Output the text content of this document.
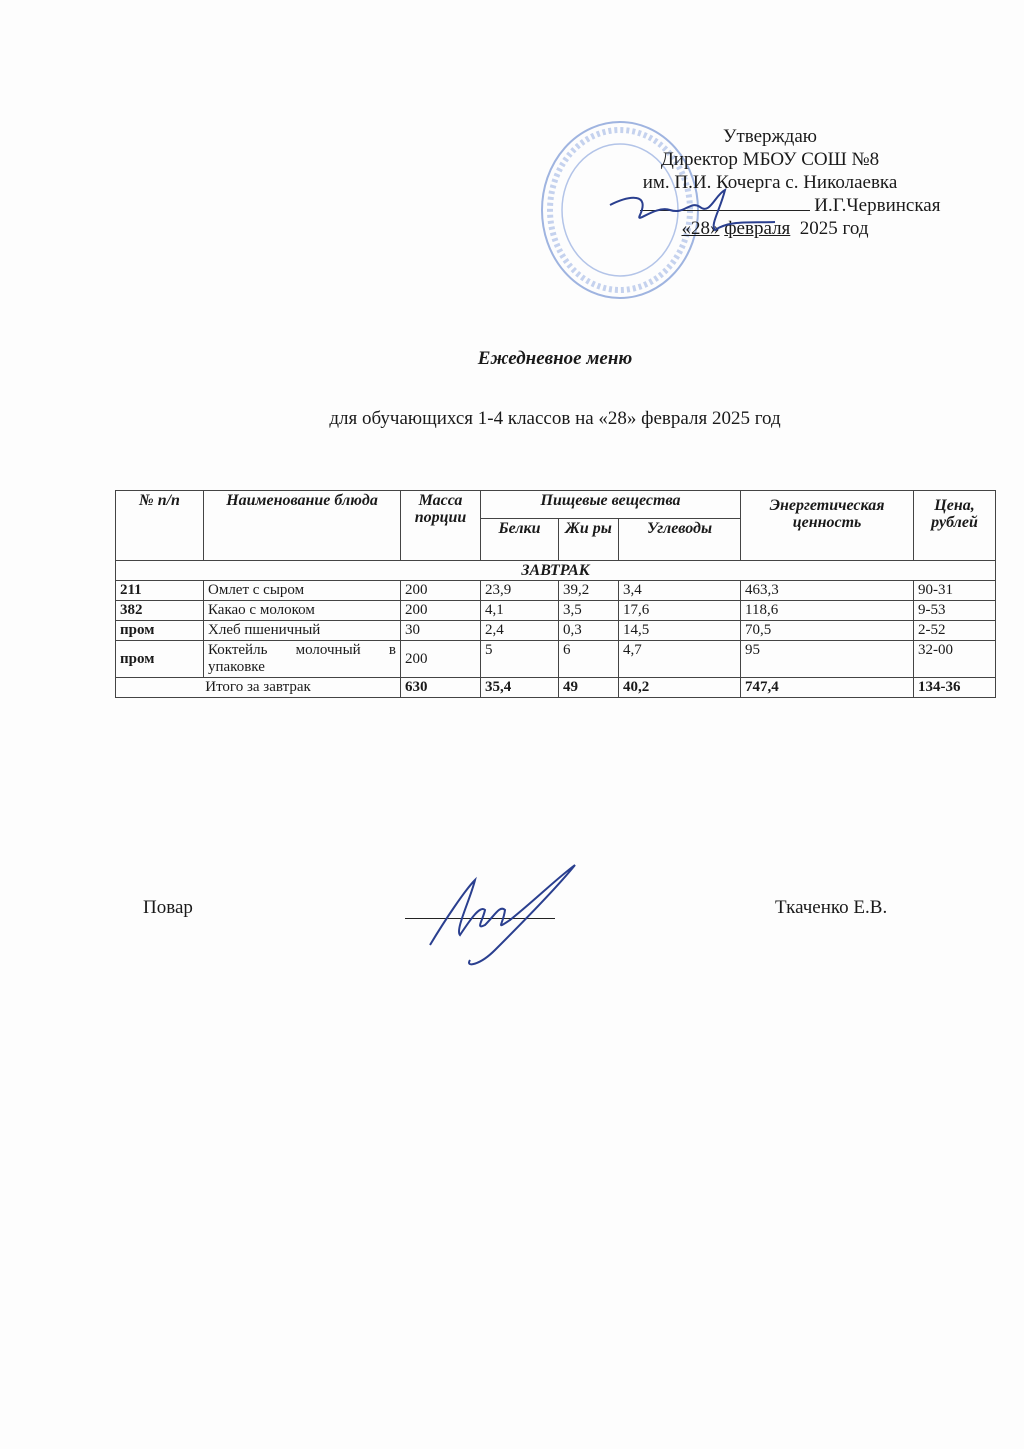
Утверждаю
Директор МБОУ СОШ №8
им. П.И. Кочерга с. Николаевка
И.Г.Червинская
«28» февраля 2025 год
Ежедневное меню
для обучающихся 1-4 классов на «28» февраля 2025 год
№ п/п	Наименование блюда	Масса порции	Пищевые вещества			Энергетическая ценность	Цена, рублей
			Белки	Жи ры	Углеводы		
ЗАВТРАК							
211	Омлет с сыром	200	23,9	39,2	3,4	463,3	90-31
382	Какао с молоком	200	4,1	3,5	17,6	118,6	9-53
пром	Хлеб пшеничный	30	2,4	0,3	14,5	70,5	2-52
пром	Коктейль молочный в упаковке	200	5	6	4,7	95	32-00
Итого за завтрак		630	35,4	49	40,2	747,4	134-36
Повар	Ткаченко Е.В.
